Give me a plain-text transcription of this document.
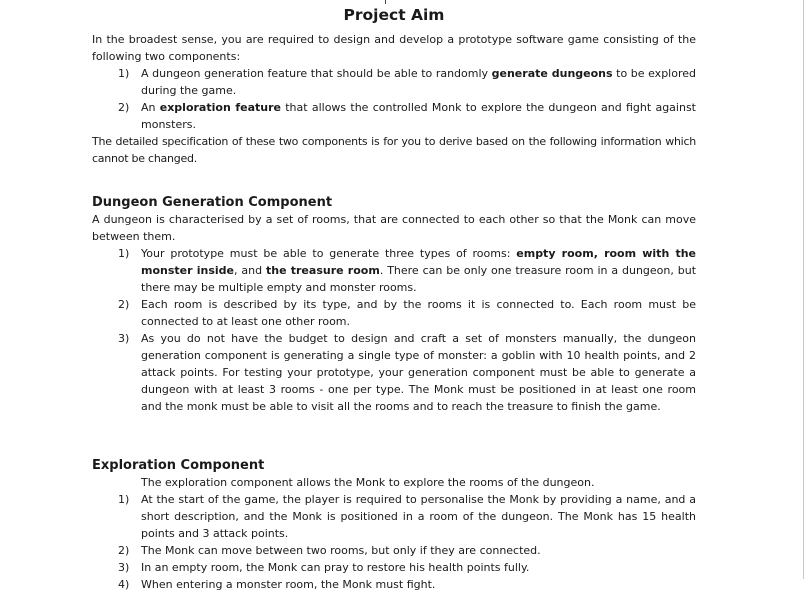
Project Aim

In the broadest sense, you are required to design and develop a prototype software game consisting of the following two components:

1) A dungeon generation feature that should be able to randomly generate dungeons to be explored during the game.
2) An exploration feature that allows the controlled Monk to explore the dungeon and fight against monsters.

The detailed specification of these two components is for you to derive based on the following information which cannot be changed.

Dungeon Generation Component

A dungeon is characterised by a set of rooms, that are connected to each other so that the Monk can move between them.

1) Your prototype must be able to generate three types of rooms: empty room, room with the monster inside, and the treasure room. There can be only one treasure room in a dungeon, but there may be multiple empty and monster rooms.
2) Each room is described by its type, and by the rooms it is connected to. Each room must be connected to at least one other room.
3) As you do not have the budget to design and craft a set of monsters manually, the dungeon generation component is generating a single type of monster: a goblin with 10 health points, and 2 attack points. For testing your prototype, your generation component must be able to generate a dungeon with at least 3 rooms - one per type. The Monk must be positioned in at least one room and the monk must be able to visit all the rooms and to reach the treasure to finish the game.
Exploration Component

The exploration component allows the Monk to explore the rooms of the dungeon.

1) At the start of the game, the player is required to personalise the Monk by providing a name, and a short description, and the Monk is positioned in a room of the dungeon. The Monk has 15 health points and 3 attack points.
2) The Monk can move between two rooms, but only if they are connected.
3) In an empty room, the Monk can pray to restore his health points fully.
4) When entering a monster room, the Monk must fight.
